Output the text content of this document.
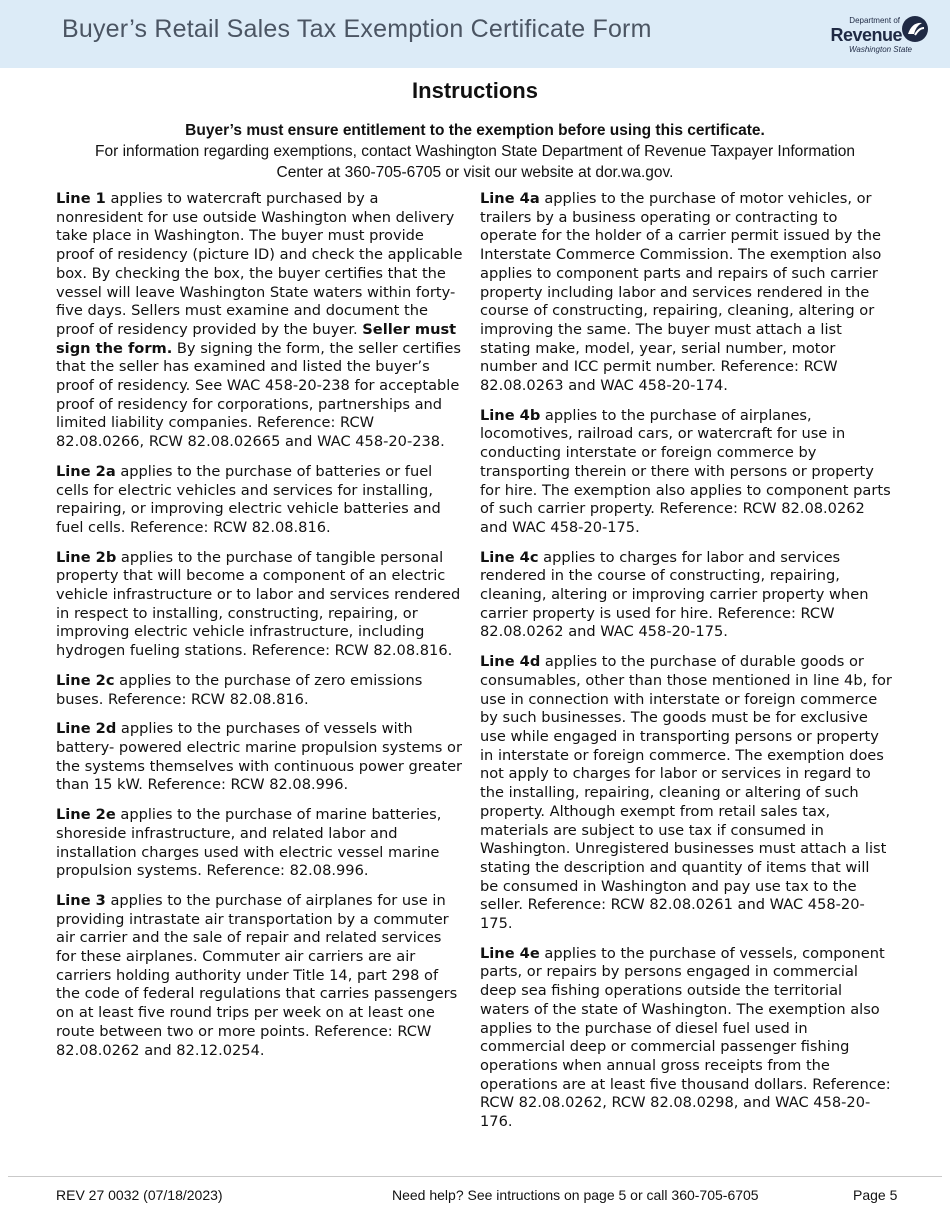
Buyer’s Retail Sales Tax Exemption Certificate Form	Department of
Revenue
Washington State
Instructions
Buyer’s must ensure entitlement to the exemption before using this certificate.
For information regarding exemptions, contact Washington State Department of Revenue Taxpayer Information Center at 360-705-6705 or visit our website at dor.wa.gov.

Line 1 applies to watercraft purchased by a nonresident for use outside Washington when delivery take place in Washington. The buyer must provide proof of residency (picture ID) and check the applicable box. By checking the box, the buyer certifies that the vessel will leave Washington State waters within forty-five days. Sellers must examine and document the proof of residency provided by the buyer. Seller must sign the form. By signing the form, the seller certifies that the seller has examined and listed the buyer’s proof of residency. See WAC 458-20-238 for acceptable proof of residency for corporations, partnerships and limited liability companies. Reference: RCW 82.08.0266, RCW 82.08.02665 and WAC 458-20-238.

Line 2a applies to the purchase of batteries or fuel cells for electric vehicles and services for installing, repairing, or improving electric vehicle batteries and fuel cells. Reference: RCW 82.08.816.

Line 2b applies to the purchase of tangible personal property that will become a component of an electric vehicle infrastructure or to labor and services rendered in respect to installing, constructing, repairing, or improving electric vehicle infrastructure, including hydrogen fueling stations. Reference: RCW 82.08.816.

Line 2c applies to the purchase of zero emissions buses. Reference: RCW 82.08.816.

Line 2d applies to the purchases of vessels with battery- powered electric marine propulsion systems or the systems themselves with continuous power greater than 15 kW. Reference: RCW 82.08.996.

Line 2e applies to the purchase of marine batteries, shoreside infrastructure, and related labor and installation charges used with electric vessel marine propulsion systems. Reference: 82.08.996.

Line 3 applies to the purchase of airplanes for use in providing intrastate air transportation by a commuter air carrier and the sale of repair and related services for these airplanes. Commuter air carriers are air carriers holding authority under Title 14, part 298 of the code of federal regulations that carries passengers on at least five round trips per week on at least one route between two or more points. Reference: RCW 82.08.0262 and 82.12.0254.

Line 4a applies to the purchase of motor vehicles, or trailers by a business operating or contracting to operate for the holder of a carrier permit issued by the Interstate Commerce Commission. The exemption also applies to component parts and repairs of such carrier property including labor and services rendered in the course of constructing, repairing, cleaning, altering or improving the same. The buyer must attach a list stating make, model, year, serial number, motor number and ICC permit number. Reference: RCW 82.08.0263 and WAC 458-20-174.

Line 4b applies to the purchase of airplanes, locomotives, railroad cars, or watercraft for use in conducting interstate or foreign commerce by transporting therein or there with persons or property for hire. The exemption also applies to component parts of such carrier property. Reference: RCW 82.08.0262 and WAC 458-20-175.

Line 4c applies to charges for labor and services rendered in the course of constructing, repairing, cleaning, altering or improving carrier property when carrier property is used for hire. Reference: RCW 82.08.0262 and WAC 458-20-175.

Line 4d applies to the purchase of durable goods or consumables, other than those mentioned in line 4b, for use in connection with interstate or foreign commerce by such businesses. The goods must be for exclusive use while engaged in transporting persons or property in interstate or foreign commerce. The exemption does not apply to charges for labor or services in regard to the installing, repairing, cleaning or altering of such property. Although exempt from retail sales tax, materials are subject to use tax if consumed in Washington. Unregistered businesses must attach a list stating the description and quantity of items that will be consumed in Washington and pay use tax to the seller. Reference: RCW 82.08.0261 and WAC 458-20-175.

Line 4e applies to the purchase of vessels, component parts, or repairs by persons engaged in commercial deep sea fishing operations outside the territorial waters of the state of Washington. The exemption also applies to the purchase of diesel fuel used in commercial deep or commercial passenger fishing operations when annual gross receipts from the operations are at least five thousand dollars. Reference: RCW 82.08.0262, RCW 82.08.0298, and WAC 458-20-176.

REV 27 0032 (07/18/2023)	Need help? See intructions on page 5 or call 360-705-6705	Page 5
